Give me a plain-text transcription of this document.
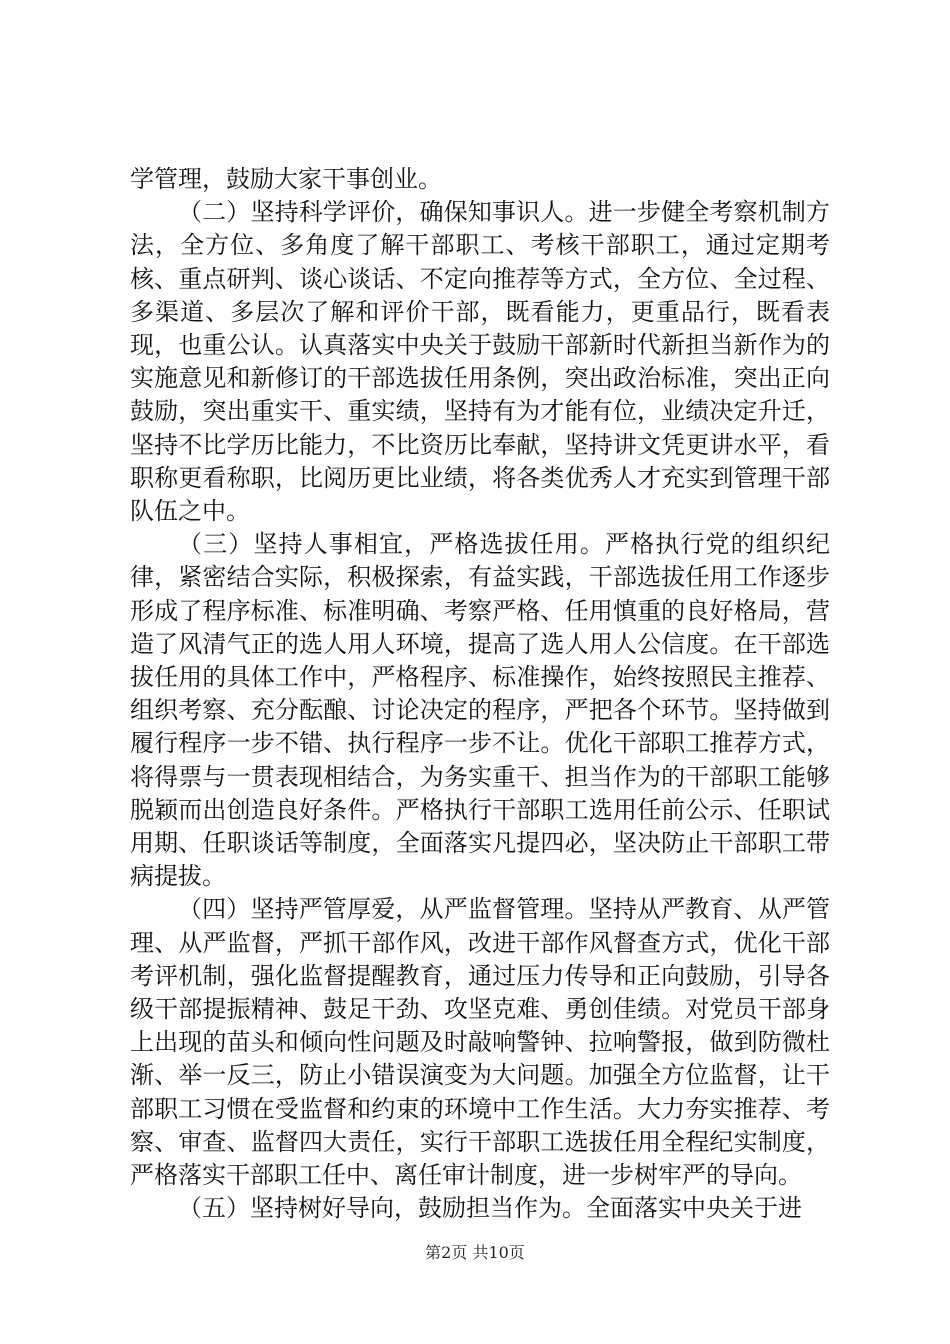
学管理，鼓励大家干事创业。

（二）坚持科学评价，确保知事识人。进一步健全考察机制方法，全方位、多角度了解干部职工、考核干部职工，通过定期考核、重点研判、谈心谈话、不定向推荐等方式，全方位、全过程、多渠道、多层次了解和评价干部，既看能力，更重品行，既看表现，也重公认。认真落实中央关于鼓励干部新时代新担当新作为的实施意见和新修订的干部选拔任用条例，突出政治标准，突出正向鼓励，突出重实干、重实绩，坚持有为才能有位，业绩决定升迁，坚持不比学历比能力，不比资历比奉献，坚持讲文凭更讲水平，看职称更看称职，比阅历更比业绩，将各类优秀人才充实到管理干部队伍之中。

（三）坚持人事相宜，严格选拔任用。严格执行党的组织纪律，紧密结合实际，积极探索，有益实践，干部选拔任用工作逐步形成了程序标准、标准明确、考察严格、任用慎重的良好格局，营造了风清气正的选人用人环境，提高了选人用人公信度。在干部选拔任用的具体工作中，严格程序、标准操作，始终按照民主推荐、组织考察、充分酝酿、讨论决定的程序，严把各个环节。坚持做到履行程序一步不错、执行程序一步不让。优化干部职工推荐方式，将得票与一贯表现相结合，为务实重干、担当作为的干部职工能够脱颖而出创造良好条件。严格执行干部职工选用任前公示、任职试用期、任职谈话等制度，全面落实凡提四必，坚决防止干部职工带病提拔。

（四）坚持严管厚爱，从严监督管理。坚持从严教育、从严管理、从严监督，严抓干部作风，改进干部作风督查方式，优化干部考评机制，强化监督提醒教育，通过压力传导和正向鼓励，引导各级干部提振精神、鼓足干劲、攻坚克难、勇创佳绩。对党员干部身上出现的苗头和倾向性问题及时敲响警钟、拉响警报，做到防微杜渐、举一反三，防止小错误演变为大问题。加强全方位监督，让干部职工习惯在受监督和约束的环境中工作生活。大力夯实推荐、考察、审查、监督四大责任，实行干部职工选拔任用全程纪实制度，严格落实干部职工任中、离任审计制度，进一步树牢严的导向。

（五）坚持树好导向，鼓励担当作为。全面落实中央关于进

第2页 共10页
